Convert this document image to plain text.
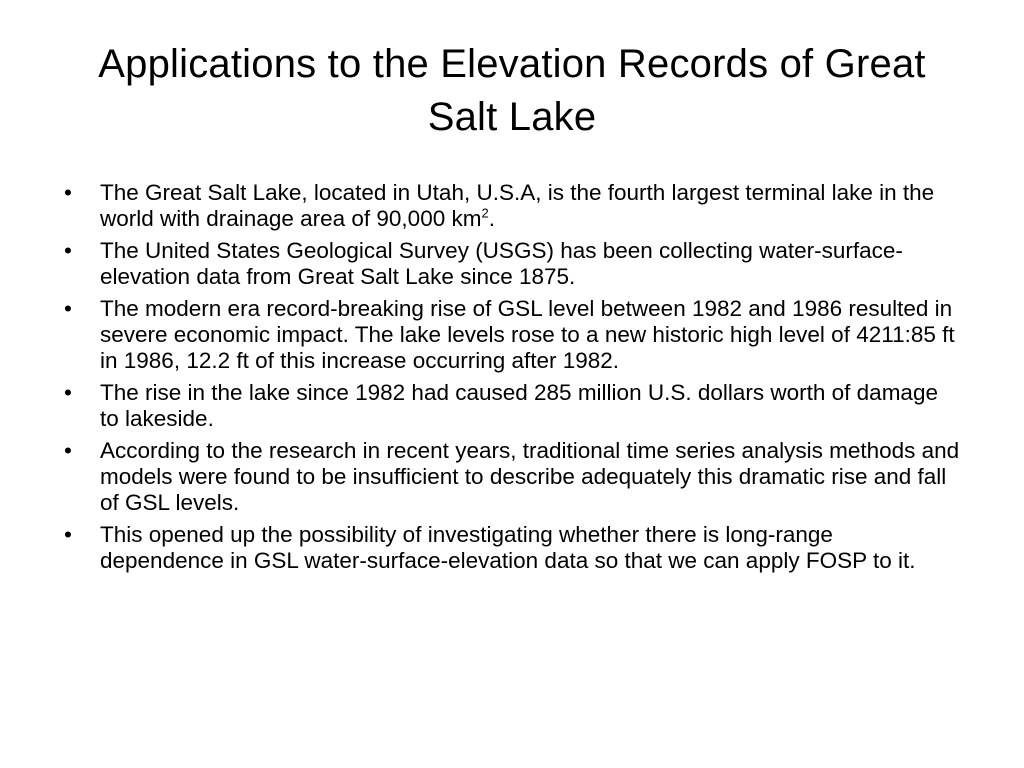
Applications to the Elevation Records of Great Salt Lake
• The Great Salt Lake, located in Utah, U.S.A, is the fourth largest terminal lake in the world with drainage area of 90,000 $km^2$.
• The United States Geological Survey (USGS) has been collecting water-surface-elevation data from Great Salt Lake since 1875.
• The modern era record-breaking rise of GSL level between 1982 and 1986 resulted in severe economic impact. The lake levels rose to a new historic high level of 4211:85 ft in 1986, 12.2 ft of this increase occurring after 1982.
• The rise in the lake since 1982 had caused 285 million U.S. dollars worth of damage to lakeside.
• According to the research in recent years, traditional time series analysis methods and models were found to be insufficient to describe adequately this dramatic rise and fall of GSL levels.
• This opened up the possibility of investigating whether there is long-range dependence in GSL water-surface-elevation data so that we can apply FOSP to it.
